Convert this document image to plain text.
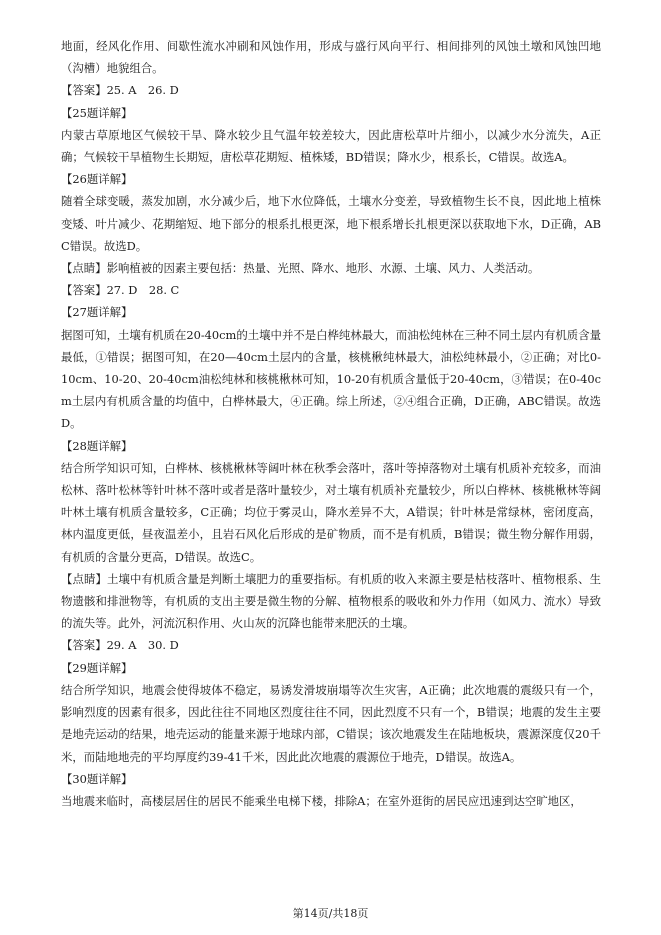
地面，经风化作用、间歇性流水冲刷和风蚀作用，形成与盛行风向平行、相间排列的风蚀土墩和风蚀凹地（沟槽）地貌组合。

【答案】25. A　26. D

【25题详解】

内蒙古草原地区气候较干旱、降水较少且气温年较差较大，因此唐松草叶片细小，以减少水分流失，A正确；气候较干旱植物生长期短，唐松草花期短、植株矮，BD错误；降水少，根系长，C错误。故选A。

【26题详解】

随着全球变暖，蒸发加剧，水分减少后，地下水位降低，土壤水分变差，导致植物生长不良，因此地上植株变矮、叶片减少、花期缩短、地下部分的根系扎根更深，地下根系增长扎根更深以获取地下水，D正确，ABC错误。故选D。

【点睛】影响植被的因素主要包括：热量、光照、降水、地形、水源、土壤、风力、人类活动。

【答案】27. D　28. C

【27题详解】

据图可知，土壤有机质在20-40cm的土壤中并不是白桦纯林最大，而油松纯林在三种不同土层内有机质含量最低，①错误；据图可知，在20—40cm土层内的含量，核桃楸纯林最大，油松纯林最小，②正确；对比0-10cm、10-20、20-40cm油松纯林和核桃楸林可知，10-20有机质含量低于20-40cm，③错误；在0-40cm土层内有机质含量的均值中，白桦林最大，④正确。综上所述，②④组合正确，D正确，ABC错误。故选D。

【28题详解】

结合所学知识可知，白桦林、核桃楸林等阔叶林在秋季会落叶，落叶等掉落物对土壤有机质补充较多，而油松林、落叶松林等针叶林不落叶或者是落叶量较少，对土壤有机质补充量较少，所以白桦林、核桃楸林等阔叶林土壤有机质含量较多，C正确；均位于雾灵山，降水差异不大，A错误；针叶林是常绿林，密闭度高，林内温度更低，昼夜温差小，且岩石风化后形成的是矿物质，而不是有机质，B错误；微生物分解作用弱，有机质的含量分更高，D错误。故选C。

【点睛】土壤中有机质含量是判断土壤肥力的重要指标。有机质的收入来源主要是枯枝落叶、植物根系、生物遗骸和排泄物等，有机质的支出主要是微生物的分解、植物根系的吸收和外力作用（如风力、流水）导致的流失等。此外，河流沉积作用、火山灰的沉降也能带来肥沃的土壤。

【答案】29. A　30. D

【29题详解】

结合所学知识，地震会使得坡体不稳定，易诱发滑坡崩塌等次生灾害，A正确；此次地震的震级只有一个，影响烈度的因素有很多，因此往往不同地区烈度往往不同，因此烈度不只有一个，B错误；地震的发生主要是地壳运动的结果，地壳运动的能量来源于地球内部，C错误；该次地震发生在陆地板块，震源深度仅20千米，而陆地地壳的平均厚度约39-41千米，因此此次地震的震源位于地壳，D错误。故选A。

【30题详解】

当地震来临时，高楼层居住的居民不能乘坐电梯下楼，排除A；在室外逛街的居民应迅速到达空旷地区，

第14页/共18页
